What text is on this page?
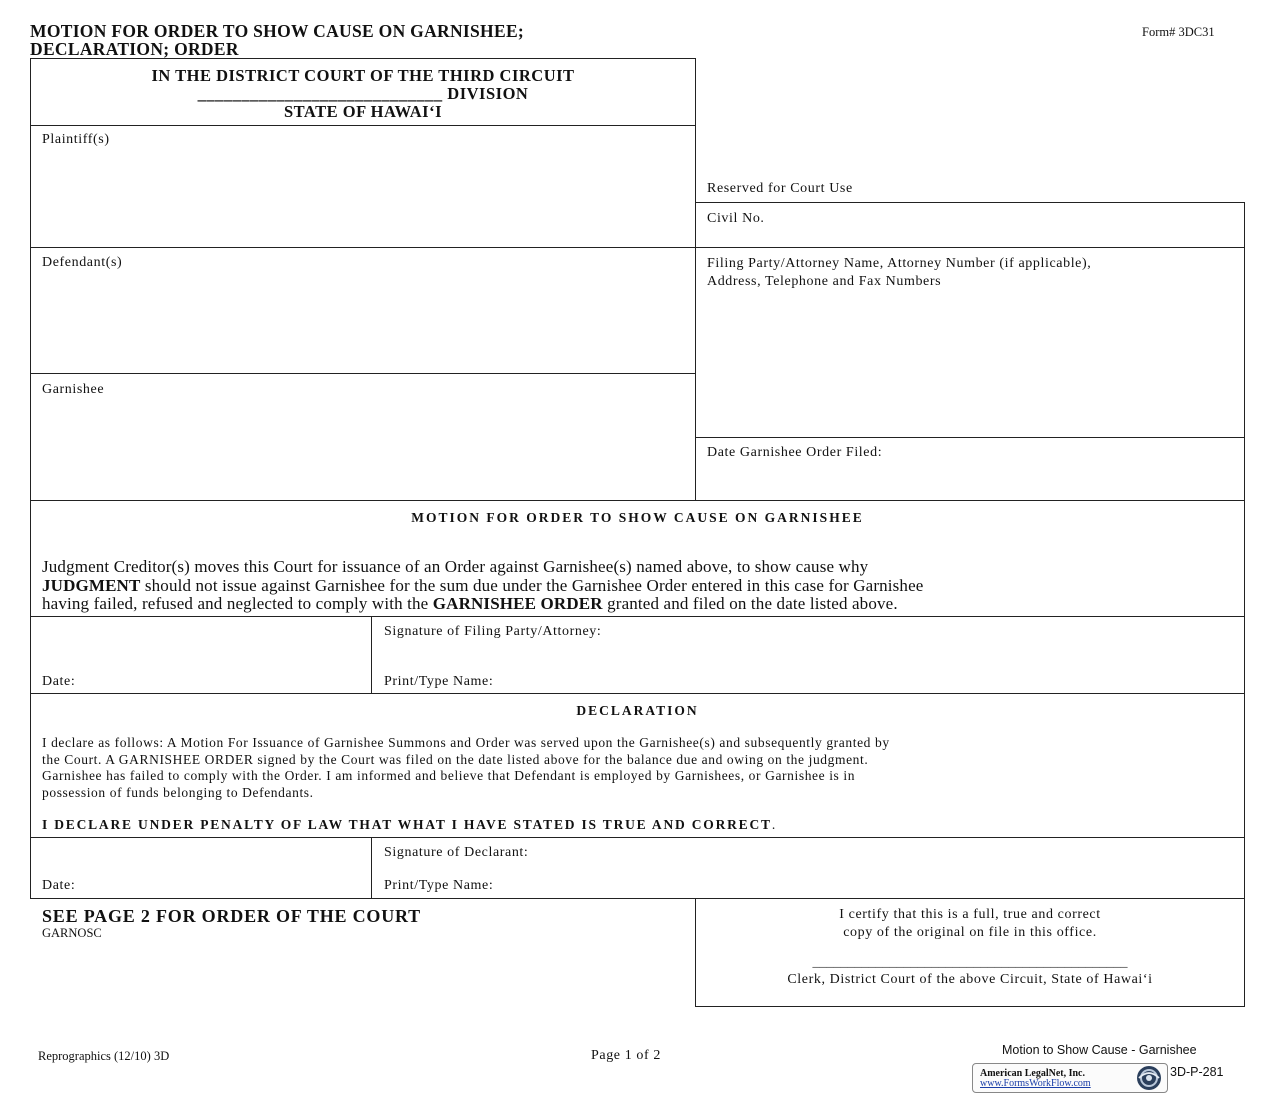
MOTION FOR ORDER TO SHOW CAUSE ON GARNISHEE;
DECLARATION; ORDER
Form# 3DC31
IN THE DISTRICT COURT OF THE THIRD CIRCUIT
____________________________ DIVISION
STATE OF HAWAI‘I
Plaintiff(s)
Defendant(s)
Garnishee
Reserved for Court Use
Civil No.
Filing Party/Attorney Name, Attorney Number (if applicable),
Address, Telephone and Fax Numbers
Date Garnishee Order Filed:
MOTION FOR ORDER TO SHOW CAUSE ON GARNISHEE
Judgment Creditor(s) moves this Court for issuance of an Order against Garnishee(s) named above, to show cause why
JUDGMENT should not issue against Garnishee for the sum due under the Garnishee Order entered in this case for Garnishee
having failed, refused and neglected to comply with the GARNISHEE ORDER granted and filed on the date listed above.
Date:
Signature of Filing Party/Attorney:
Print/Type Name:
DECLARATION
I declare as follows: A Motion For Issuance of Garnishee Summons and Order was served upon the Garnishee(s) and subsequently granted by
the Court. A GARNISHEE ORDER signed by the Court was filed on the date listed above for the balance due and owing on the judgment.
Garnishee has failed to comply with the Order. I am informed and believe that Defendant is employed by Garnishees, or Garnishee is in
possession of funds belonging to Defendants.
I DECLARE UNDER PENALTY OF LAW THAT WHAT I HAVE STATED IS TRUE AND CORRECT.
Date:
Signature of Declarant:
Print/Type Name:
SEE PAGE 2 FOR ORDER OF THE COURT
GARNOSC
I certify that this is a full, true and correct
copy of the original on file in this office.
_____________________________________________
Clerk, District Court of the above Circuit, State of Hawai‘i
Reprographics (12/10) 3D	Page 1 of 2	Motion to Show Cause - Garnishee
American LegalNet, Inc.
www.FormsWorkFlow.com
3D-P-281
